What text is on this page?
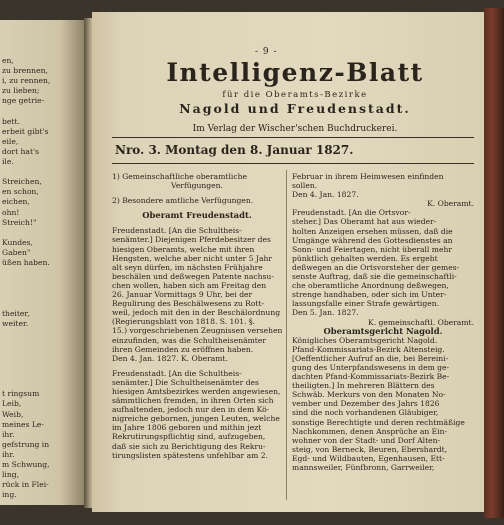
en,
zu brennen,
i, zu rennen,
zu lieben;
nge getrie-
bett.
erbeit gibt's
eile,
dort hat's
ile.
Streichen,
en schon,
eichen,
ohn!
Streich!"
Kundes,
Gaben"
üßen haben.
theiter,
weiter.
t ringsum
Leib,
Weib,
meines Le-
ihr.
gefstrung in
ihr.
m Schwung,
ling,
rück in Flei-
ing.
- 9 -
Intelligenz-Blatt
für die Oberamts-Bezirke
Nagold und Freudenstadt.
Im Verlag der Wischer'schen Buchdruckerei.
Nro. 3. Montag den 8. Januar 1827.
1) Gemeinschaftliche oberamtliche
Verfügungen.
2) Besondere amtliche Verfügungen.
Oberamt Freudenstadt.
Freudenstadt. [An die Schultheis-
senämter.] Diejenigen Pferdebesitzer des
hiesigen Oberamts, welche mit ihren
Hengsten, welche aber nicht unter 5 Jahr
alt seyn dürfen, im nächsten Frühjahre
beschälen und deßwegen Patente nachsu-
chen wollen, haben sich am Freitag den
26. Januar Vormittags 9 Uhr, bei der
Regulirung des Beschälwesens zu Rott-
weil, jedoch mit den in der Beschälordnung
(Regierungsblatt von 1818. S. 101. §.
15.) vorgeschriebenen Zeugnissen versehen
einzufinden, was die Schultheisenämter
ihren Gemeinden zu eröffnen haben.
Den 4. Jan. 1827. K. Oberamt.
Freudenstadt. [An die Schultheis-
senämter.] Die Schultheisenämter des
hiesigen Amtsbezirkes werden angewiesen,
sämmtlichen fremden, in ihren Orten sich
aufhaltenden, jedoch nur den in dem Kö-
nigreiche gebornen, jungen Leuten, welche
im Jahre 1806 geboren und mithin jezt
Rekrutirungspflichtig sind, aufzugeben,
daß sie sich zu Berichtigung des Rekru-
tirungslisten spätestens unfehlbar am 2.
Februar in ihrem Heimwesen einfinden
sollen.
Den 4. Jan. 1827.
K. Oberamt.
Freudenstadt. [An die Ortsvor-
steher.] Das Oberamt hat aus wieder-
holten Anzeigen ersehen müssen, daß die
Umgänge während des Gottesdienstes an
Sonn- und Feiertagen, nicht überall mehr
pünktlich gehalten werden. Es ergeht
deßwegen an die Ortsvorsteher der gemes-
senste Auftrag, daß sie die gemeinschaftli-
che oberamtliche Anordnung deßwegen,
strenge handhaben, oder sich im Unter-
lassungsfalle einer Strafe gewärtigen.
Den 5. Jan. 1827.
K. gemeinschaftl. Oberamt.
Oberamtsgericht Nagold.
Königliches Oberamtsgericht Nagold.
Pfand-Kommissariats-Bezirk Altensteig.
[Oeffentlicher Aufruf an die, bei Bereini-
gung des Unterpfandswesens in dem ge-
dachten Pfand-Kommissariats-Bezirk Be-
theiligten.] In mehreren Blättern des
Schwäb. Merkurs von den Monaten No-
vember und Dezember des Jahrs 1826
sind die noch vorhandenen Gläubiger,
sonstige Berechtigte und deren rechtmäßige
Nachkommen, denen Ansprüche an Ein-
wohner von der Stadt- und Dorf Alten-
steig, von Berneck, Beuren, Ebershardt,
Egd- und Wildbauten, Egenhausen, Ett-
mannsweiler, Fünfbronn, Garrweiler,
